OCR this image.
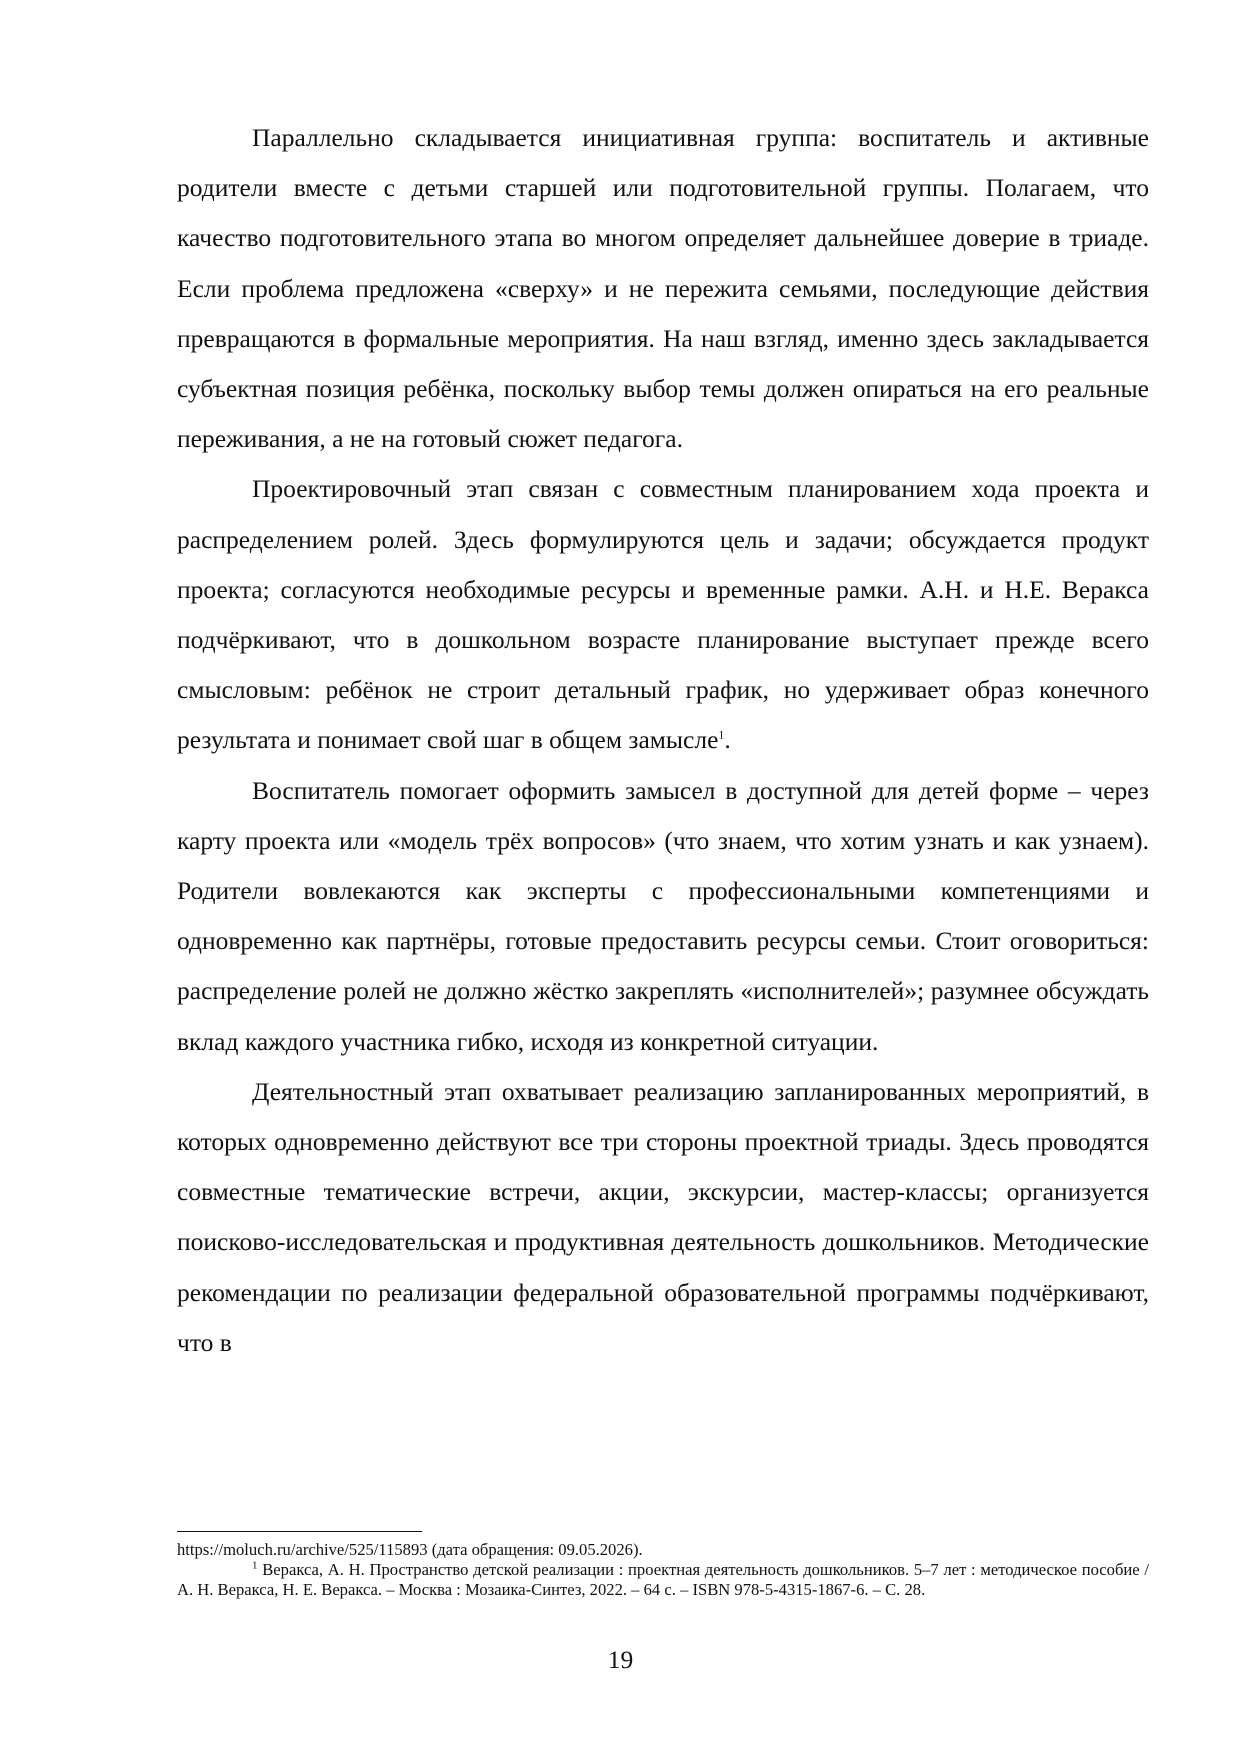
Параллельно складывается инициативная группа: воспитатель и активные родители вместе с детьми старшей или подготовительной группы. Полагаем, что качество подготовительного этапа во многом определяет дальнейшее доверие в триаде. Если проблема предложена «сверху» и не пережита семьями, последующие действия превращаются в формальные мероприятия. На наш взгляд, именно здесь закладывается субъектная позиция ребёнка, поскольку выбор темы должен опираться на его реальные переживания, а не на готовый сюжет педагога.

Проектировочный этап связан с совместным планированием хода проекта и распределением ролей. Здесь формулируются цель и задачи; обсуждается продукт проекта; согласуются необходимые ресурсы и временные рамки. А.Н. и Н.Е. Веракса подчёркивают, что в дошкольном возрасте планирование выступает прежде всего смысловым: ребёнок не строит детальный график, но удерживает образ конечного результата и понимает свой шаг в общем замысле$^1$.

Воспитатель помогает оформить замысел в доступной для детей форме – через карту проекта или «модель трёх вопросов» (что знаем, что хотим узнать и как узнаем). Родители вовлекаются как эксперты с профессиональными компетенциями и одновременно как партнёры, готовые предоставить ресурсы семьи. Стоит оговориться: распределение ролей не должно жёстко закреплять «исполнителей»; разумнее обсуждать вклад каждого участника гибко, исходя из конкретной ситуации.

Деятельностный этап охватывает реализацию запланированных мероприятий, в которых одновременно действуют все три стороны проектной триады. Здесь проводятся совместные тематические встречи, акции, экскурсии, мастер-классы; организуется поисково-исследовательская и продуктивная деятельность дошкольников. Методические рекомендации по реализации федеральной образовательной программы подчёркивают, что в

https://moluch.ru/archive/525/115893 (дата обращения: 09.05.2026).

$^1$ Веракса, А. Н. Пространство детской реализации : проектная деятельность дошкольников. 5–7 лет : методическое пособие / А. Н. Веракса, Н. Е. Веракса. – Москва : Мозаика-Синтез, 2022. – 64 с. – ISBN 978-5-4315-1867-6. – С. 28.

19
